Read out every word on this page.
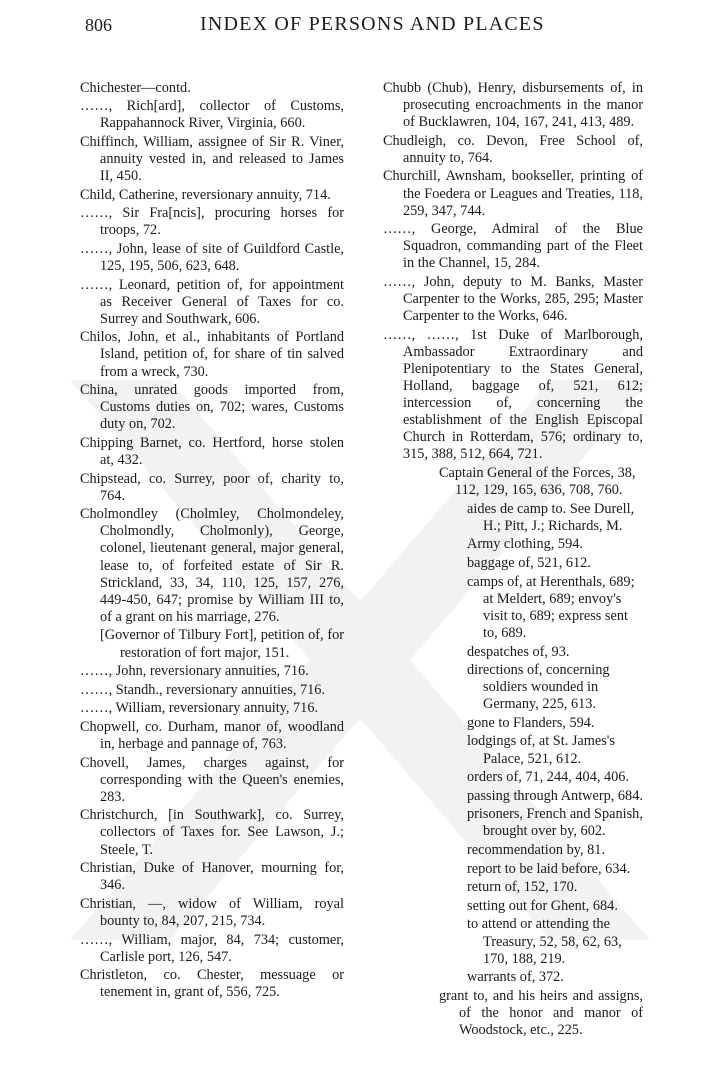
806	INDEX OF PERSONS AND PLACES
Chichester—contd.
……, Rich[ard], collector of Customs, Rappahannock River, Virginia, 660.
Chiffinch, William, assignee of Sir R. Viner, annuity vested in, and released to James II, 450.
Child, Catherine, reversionary annuity, 714.
……, Sir Fra[ncis], procuring horses for troops, 72.
……, John, lease of site of Guildford Castle, 125, 195, 506, 623, 648.
……, Leonard, petition of, for appointment as Receiver General of Taxes for co. Surrey and Southwark, 606.
Chilos, John, et al., inhabitants of Portland Island, petition of, for share of tin salved from a wreck, 730.
China, unrated goods imported from, Customs duties on, 702; wares, Customs duty on, 702.
Chipping Barnet, co. Hertford, horse stolen at, 432.
Chipstead, co. Surrey, poor of, charity to, 764.
Cholmondley (Cholmley, Cholmondeley, Cholmondly, Cholmonly), George, colonel, lieutenant general, major general, lease to, of forfeited estate of Sir R. Strickland, 33, 34, 110, 125, 157, 276, 449-450, 647; promise by William III to, of a grant on his marriage, 276.
[Governor of Tilbury Fort], petition of, for restoration of fort major, 151.
……, John, reversionary annuities, 716.
……, Standh., reversionary annuities, 716.
……, William, reversionary annuity, 716.
Chopwell, co. Durham, manor of, woodland in, herbage and pannage of, 763.
Chovell, James, charges against, for corresponding with the Queen's enemies, 283.
Christchurch, [in Southwark], co. Surrey, collectors of Taxes for. See Lawson, J.; Steele, T.
Christian, Duke of Hanover, mourning for, 346.
Christian, —, widow of William, royal bounty to, 84, 207, 215, 734.
……, William, major, 84, 734; customer, Carlisle port, 126, 547.
Christleton, co. Chester, messuage or tenement in, grant of, 556, 725.
Chubb (Chub), Henry, disbursements of, in prosecuting encroachments in the manor of Bucklawren, 104, 167, 241, 413, 489.
Chudleigh, co. Devon, Free School of, annuity to, 764.
Churchill, Awnsham, bookseller, printing of the Foedera or Leagues and Treaties, 118, 259, 347, 744.
……, George, Admiral of the Blue Squadron, commanding part of the Fleet in the Channel, 15, 284.
……, John, deputy to M. Banks, Master Carpenter to the Works, 285, 295; Master Carpenter to the Works, 646.
……, ……, 1st Duke of Marlborough, Ambassador Extraordinary and Plenipotentiary to the States General, Holland, baggage of, 521, 612; intercession of, concerning the establishment of the English Episcopal Church in Rotterdam, 576; ordinary to, 315, 388, 512, 664, 721.
Captain General of the Forces, 38, 112, 129, 165, 636, 708, 760.
aides de camp to. See Durell, H.; Pitt, J.; Richards, M.
Army clothing, 594.
baggage of, 521, 612.
camps of, at Herenthals, 689; at Meldert, 689; envoy's visit to, 689; express sent to, 689.
despatches of, 93.
directions of, concerning soldiers wounded in Germany, 225, 613.
gone to Flanders, 594.
lodgings of, at St. James's Palace, 521, 612.
orders of, 71, 244, 404, 406.
passing through Antwerp, 684.
prisoners, French and Spanish, brought over by, 602.
recommendation by, 81.
report to be laid before, 634.
return of, 152, 170.
setting out for Ghent, 684.
to attend or attending the Treasury, 52, 58, 62, 63, 170, 188, 219.
warrants of, 372.
grant to, and his heirs and assigns, of the honor and manor of Woodstock, etc., 225.
